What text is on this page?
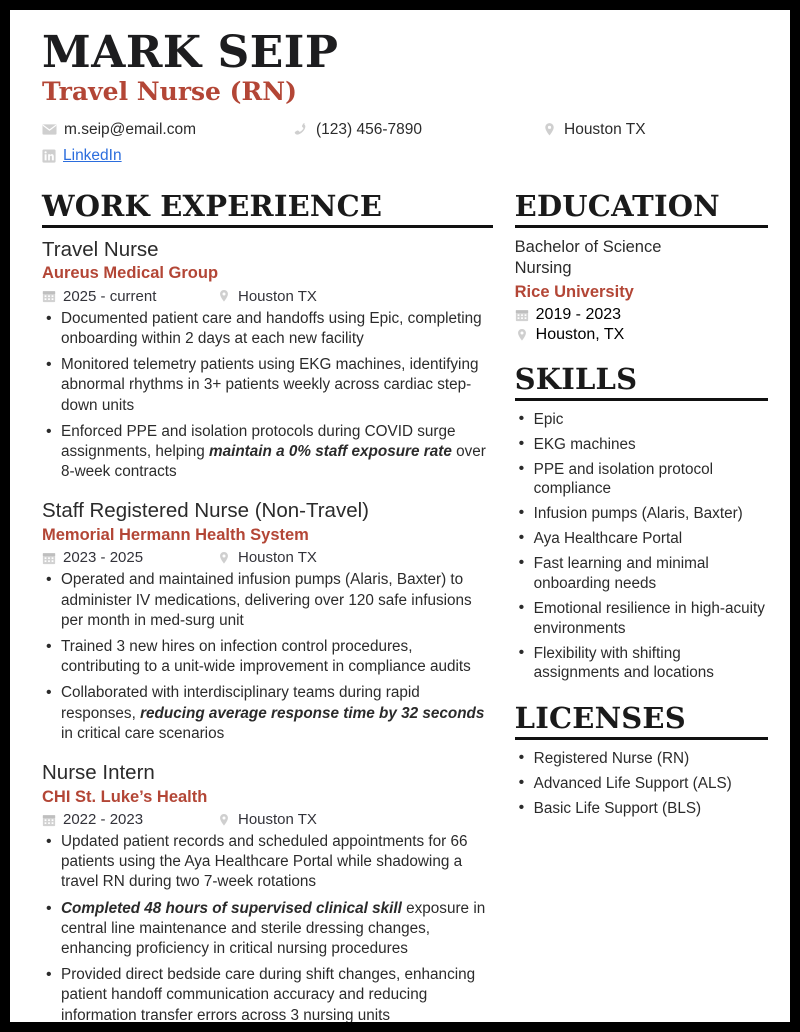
MARK SEIP
Travel Nurse (RN)
m.seip@email.com	(123) 456-7890	Houston TX
LinkedIn
WORK EXPERIENCE
Travel Nurse
Aureus Medical Group
2025 - current	Houston TX
• Documented patient care and handoffs using Epic, completing onboarding within 2 days at each new facility
• Monitored telemetry patients using EKG machines, identifying abnormal rhythms in 3+ patients weekly across cardiac step-down units
• Enforced PPE and isolation protocols during COVID surge assignments, helping maintain a 0% staff exposure rate over 8-week contracts
Staff Registered Nurse (Non-Travel)
Memorial Hermann Health System
2023 - 2025	Houston TX
• Operated and maintained infusion pumps (Alaris, Baxter) to administer IV medications, delivering over 120 safe infusions per month in med-surg unit
• Trained 3 new hires on infection control procedures, contributing to a unit-wide improvement in compliance audits
• Collaborated with interdisciplinary teams during rapid responses, reducing average response time by 32 seconds in critical care scenarios
Nurse Intern
CHI St. Luke’s Health
2022 - 2023	Houston TX
• Updated patient records and scheduled appointments for 66 patients using the Aya Healthcare Portal while shadowing a travel RN during two 7-week rotations
• Completed 48 hours of supervised clinical skill exposure in central line maintenance and sterile dressing changes, enhancing proficiency in critical nursing procedures
• Provided direct bedside care during shift changes, enhancing patient handoff communication accuracy and reducing information transfer errors across 3 nursing units
EDUCATION
Bachelor of Science
Nursing
Rice University
2019 - 2023
Houston, TX
SKILLS
• Epic
• EKG machines
• PPE and isolation protocol compliance
• Infusion pumps (Alaris, Baxter)
• Aya Healthcare Portal
• Fast learning and minimal onboarding needs
• Emotional resilience in high-acuity environments
• Flexibility with shifting assignments and locations
LICENSES
• Registered Nurse (RN)
• Advanced Life Support (ALS)
• Basic Life Support (BLS)
